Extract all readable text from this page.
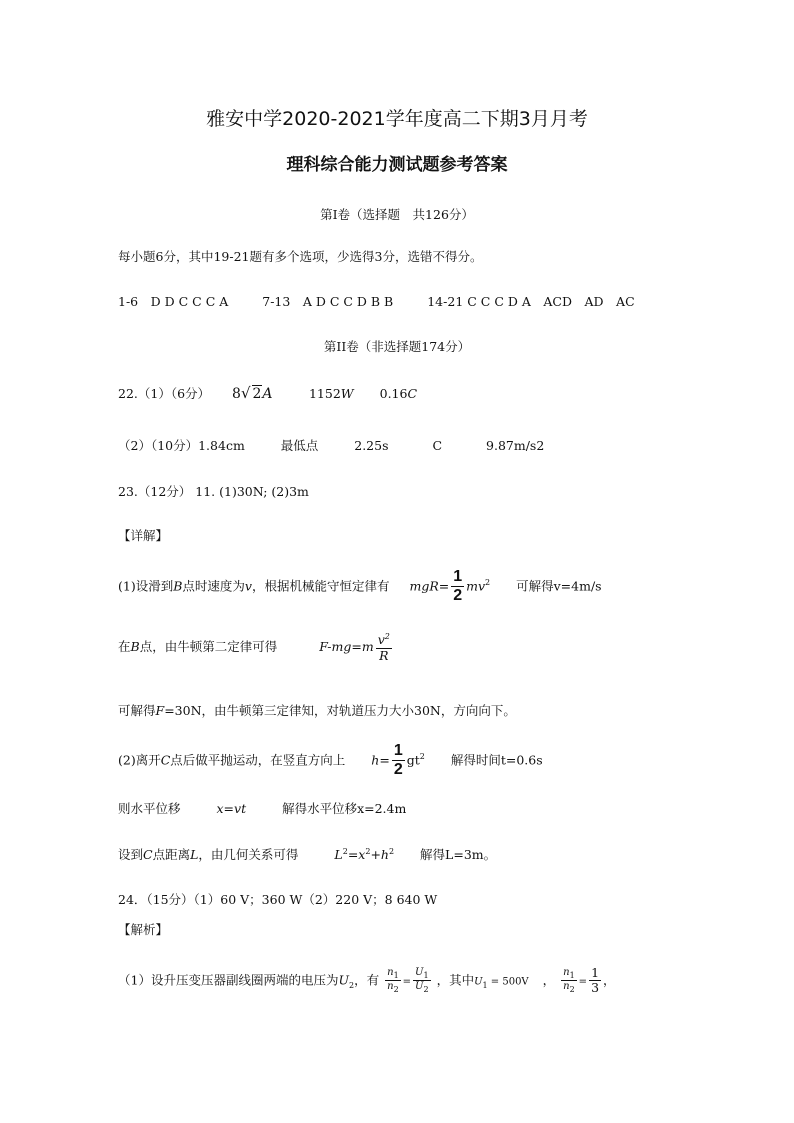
雅安中学2020-2021学年度高二下期3月月考
理科综合能力测试题参考答案
第Ⅰ卷（选择题　共126分）
每小题6分，其中19-21题有多个选项，少选得3分，选错不得分。
1-6　D D C C C A	7-13　A D C C D B B	14-21 C C C D A　ACD　AD　AC
第II卷（非选择题174分）
22.（1）（6分） 8√ 2A	1152W 0.16C
（2）（10分）1.84cm	最低点	2.25s	C	9.87m/s2
23.（12分） 11. (1)30N; (2)3m
【详解】
(1)设滑到B点时速度为v，根据机械能守恒定律有 $mgR= \frac{1}{2} mv^2$ 可解得v=4m/s
在B点，由牛顿第二定律可得	$F-mg=m \frac{v^2}{R}$
可解得F=30N，由牛顿第三定律知，对轨道压力大小30N，方向向下。
(2)离开C点后做平抛运动，在竖直方向上 $h= \frac{1}{2} gt^2$ 解得时间t=0.6s
则水平位移	x=vt	解得水平位移x=2.4m
设到C点距离L，由几何关系可得	$L^2=x^2+h^2$ 解得L=3m。
24．（15分）（1）60 V；360 W（2）220 V；8 640 W
【解析】
（1）设升压变压器副线圈两端的电压为$U_2$，有 $\frac{n_1}{n_2} = \frac{U_1}{U_2}$ ，其中$U_1 = 500V$ ， $\frac{n_1}{n_2} = \frac{1}{3}$ ，
